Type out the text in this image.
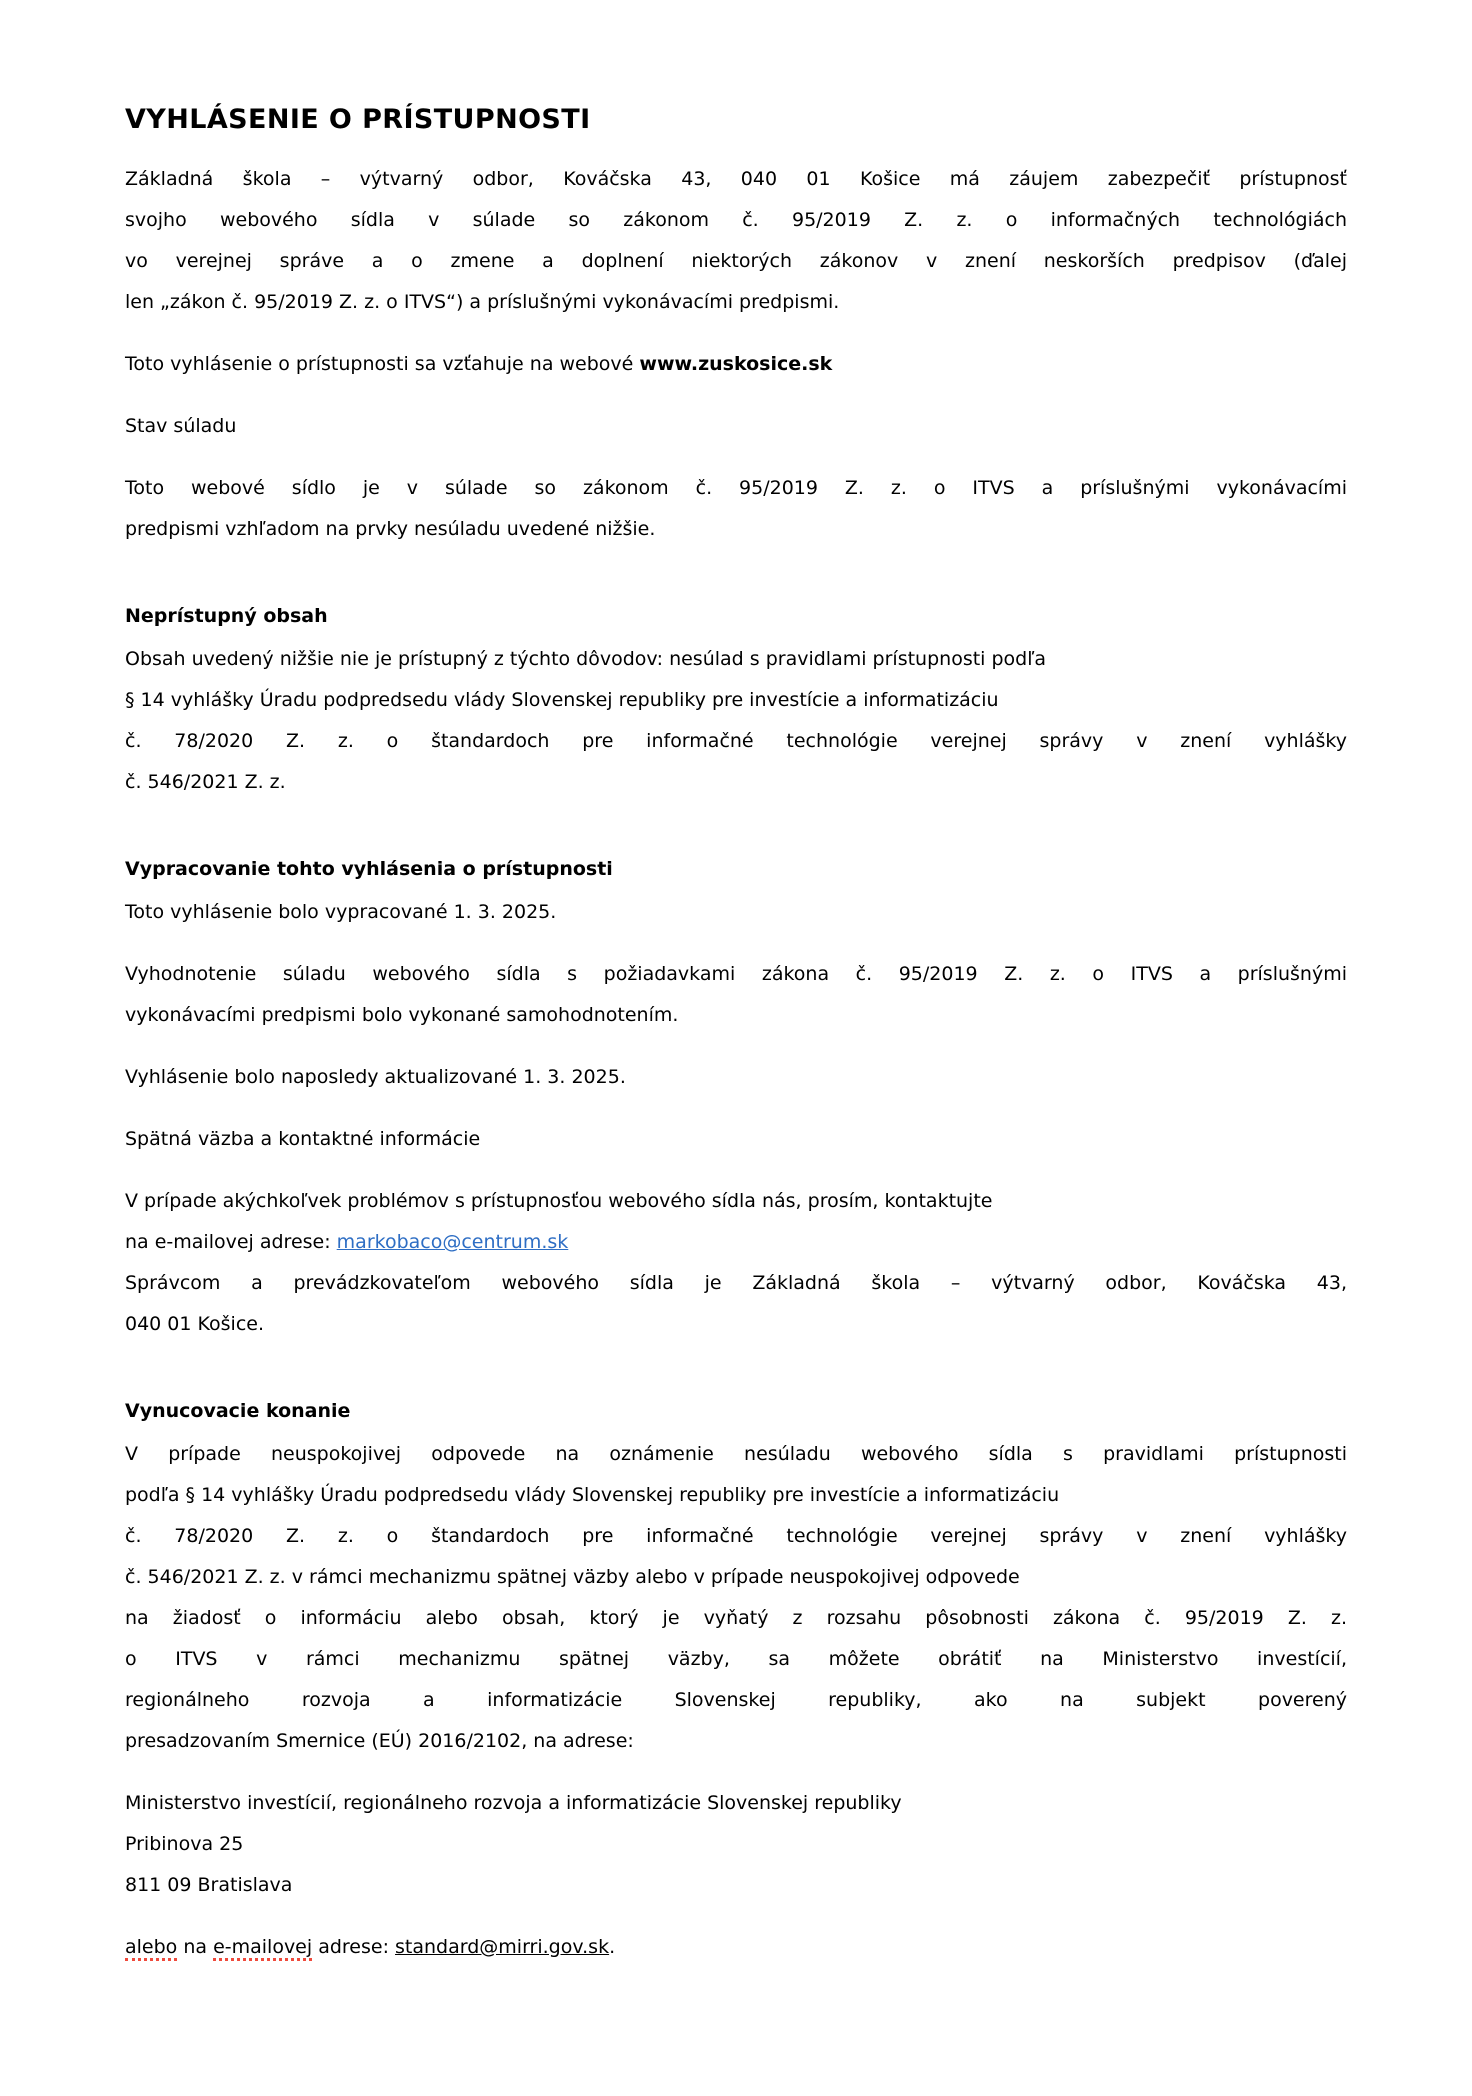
VYHLÁSENIE O PRÍSTUPNOSTI
Základná škola – výtvarný odbor, Kováčska 43, 040 01 Košice má záujem zabezpečiť prístupnosť
svojho webového sídla v súlade so zákonom č. 95/2019 Z. z. o informačných technológiách
vo verejnej správe a o zmene a doplnení niektorých zákonov v znení neskorších predpisov (ďalej
len „zákon č. 95/2019 Z. z. o ITVS“) a príslušnými vykonávacími predpismi.
Toto vyhlásenie o prístupnosti sa vzťahuje na webové www.zuskosice.sk
Stav súladu
Toto webové sídlo je v súlade so zákonom č. 95/2019 Z. z. o ITVS a príslušnými vykonávacími
predpismi vzhľadom na prvky nesúladu uvedené nižšie.
Neprístupný obsah
Obsah uvedený nižšie nie je prístupný z týchto dôvodov: nesúlad s pravidlami prístupnosti podľa
§ 14 vyhlášky Úradu podpredsedu vlády Slovenskej republiky pre investície a informatizáciu
č. 78/2020 Z. z. o štandardoch pre informačné technológie verejnej správy v znení vyhlášky
č. 546/2021 Z. z.
Vypracovanie tohto vyhlásenia o prístupnosti
Toto vyhlásenie bolo vypracované 1. 3. 2025.
Vyhodnotenie súladu webového sídla s požiadavkami zákona č. 95/2019 Z. z. o ITVS a príslušnými
vykonávacími predpismi bolo vykonané samohodnotením.
Vyhlásenie bolo naposledy aktualizované 1. 3. 2025.
Spätná väzba a kontaktné informácie
V prípade akýchkoľvek problémov s prístupnosťou webového sídla nás, prosím, kontaktujte
na e-mailovej adrese: markobaco@centrum.sk
Správcom a prevádzkovateľom webového sídla je Základná škola – výtvarný odbor, Kováčska 43,
040 01 Košice.
Vynucovacie konanie
V prípade neuspokojivej odpovede na oznámenie nesúladu webového sídla s pravidlami prístupnosti
podľa § 14 vyhlášky Úradu podpredsedu vlády Slovenskej republiky pre investície a informatizáciu
č. 78/2020 Z. z. o štandardoch pre informačné technológie verejnej správy v znení vyhlášky
č. 546/2021 Z. z. v rámci mechanizmu spätnej väzby alebo v prípade neuspokojivej odpovede
na žiadosť o informáciu alebo obsah, ktorý je vyňatý z rozsahu pôsobnosti zákona č. 95/2019 Z. z.
o ITVS v rámci mechanizmu spätnej väzby, sa môžete obrátiť na Ministerstvo investícií,
regionálneho rozvoja a informatizácie Slovenskej republiky, ako na subjekt poverený
presadzovaním Smernice (EÚ) 2016/2102, na adrese:
Ministerstvo investícií, regionálneho rozvoja a informatizácie Slovenskej republiky
Pribinova 25
811 09 Bratislava
alebo na e-mailovej adrese: standard@mirri.gov.sk.
